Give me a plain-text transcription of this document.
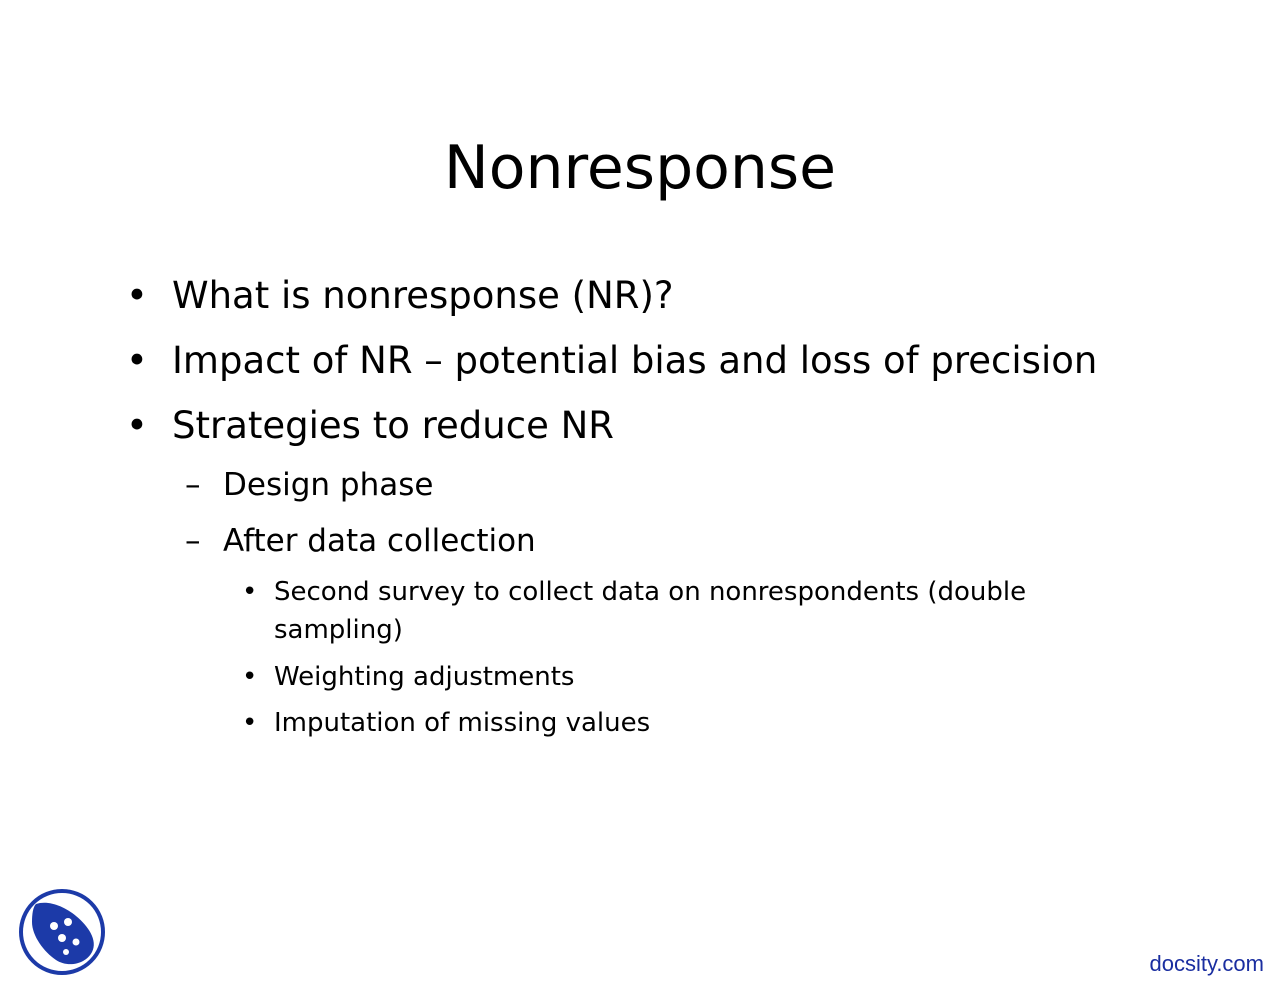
Nonresponse
• What is nonresponse (NR)?
• Impact of NR – potential bias and loss of precision
• Strategies to reduce NR
– Design phase
– After data collection
• Second survey to collect data on nonrespondents (double sampling)
• Weighting adjustments
• Imputation of missing values
docsity.com
